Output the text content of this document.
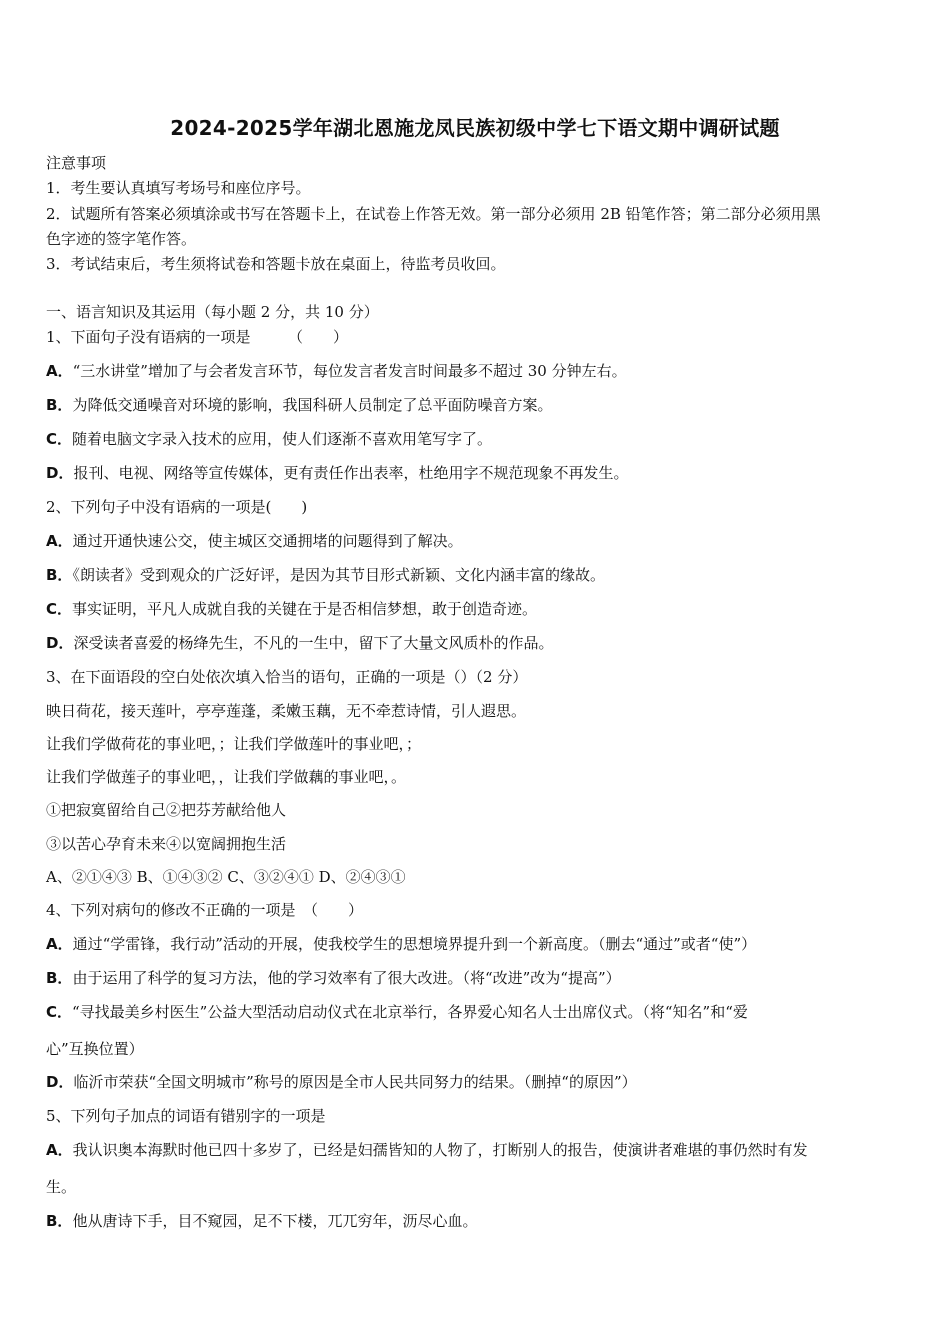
2024-2025学年湖北恩施龙凤民族初级中学七下语文期中调研试题
注意事项
1．考生要认真填写考场号和座位序号。
2．试题所有答案必须填涂或书写在答题卡上，在试卷上作答无效。第一部分必须用 2B 铅笔作答；第二部分必须用黑
色字迹的签字笔作答。
3．考试结束后，考生须将试卷和答题卡放在桌面上，待监考员收回。
一、语言知识及其运用（每小题 2 分，共 10 分）
1、下面句子没有语病的一项是　　　（　　）
A．“三水讲堂”增加了与会者发言环节，每位发言者发言时间最多不超过 30 分钟左右。
B．为降低交通噪音对环境的影响，我国科研人员制定了总平面防噪音方案。
C．随着电脑文字录入技术的应用，使人们逐渐不喜欢用笔写字了。
D．报刊、电视、网络等宣传媒体，更有责任作出表率，杜绝用字不规范现象不再发生。
2、下列句子中没有语病的一项是(　　)
A．通过开通快速公交，使主城区交通拥堵的问题得到了解决。
B．《朗读者》受到观众的广泛好评，是因为其节目形式新颖、文化内涵丰富的缘故。
C．事实证明，平凡人成就自我的关键在于是否相信梦想，敢于创造奇迹。
D．深受读者喜爱的杨绛先生，不凡的一生中，留下了大量文风质朴的作品。
3、在下面语段的空白处依次填入恰当的语句，正确的一项是（）（2 分）
映日荷花，接天莲叶，亭亭莲蓬，柔嫩玉藕，无不牵惹诗情，引人遐思。
让我们学做荷花的事业吧，；让我们学做莲叶的事业吧，；
让我们学做莲子的事业吧，，让我们学做藕的事业吧，。
①把寂寞留给自己②把芬芳献给他人
③以苦心孕育未来④以宽阔拥抱生活
A、②①④③ B、①④③② C、③②④① D、②④③①
4、下列对病句的修改不正确的一项是　（　　）
A．通过“学雷锋，我行动”活动的开展，使我校学生的思想境界提升到一个新高度。（删去“通过”或者“使”）
B．由于运用了科学的复习方法，他的学习效率有了很大改进。（将“改进”改为“提高”）
C．“寻找最美乡村医生”公益大型活动启动仪式在北京举行，各界爱心知名人士出席仪式。（将“知名”和“爱
心”互换位置）
D．临沂市荣获“全国文明城市”称号的原因是全市人民共同努力的结果。（删掉“的原因”）
5、下列句子加点的词语有错别字的一项是
A．我认识奥本海默时他已四十多岁了，已经是妇孺皆知的人物了，打断别人的报告，使演讲者难堪的事仍然时有发
生。
B．他从唐诗下手，目不窥园，足不下楼，兀兀穷年，沥尽心血。
